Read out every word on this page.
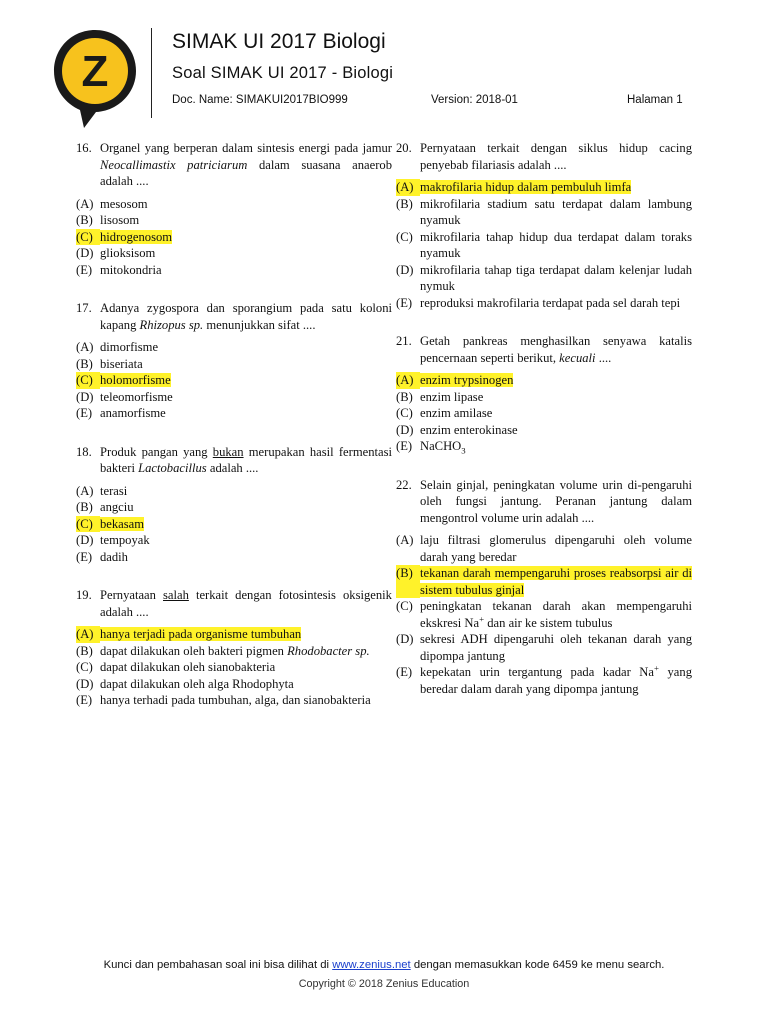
Z
SIMAK UI 2017 Biologi
Soal SIMAK UI 2017 - Biologi
Doc. Name: SIMAKUI2017BIO999	Version: 2018-01	Halaman 1
16. Organel yang berperan dalam sintesis energi pada jamur Neocallimastix patriciarum dalam suasana anaerob adalah ....
(A) mesosom
(B) lisosom
(C) hidrogenosom
(D) glioksisom
(E) mitokondria
17. Adanya zygospora dan sporangium pada satu koloni kapang Rhizopus sp. menunjukkan sifat ....
(A) dimorfisme
(B) biseriata
(C) holomorfisme
(D) teleomorfisme
(E) anamorfisme
18. Produk pangan yang bukan merupakan hasil fermentasi bakteri Lactobacillus adalah ....
(A) terasi
(B) angciu
(C) bekasam
(D) tempoyak
(E) dadih
19. Pernyataan salah terkait dengan fotosintesis oksigenik adalah ....
(A) hanya terjadi pada organisme tumbuhan
(B) dapat dilakukan oleh bakteri pigmen Rhodobacter sp.
(C) dapat dilakukan oleh sianobakteria
(D) dapat dilakukan oleh alga Rhodophyta
(E) hanya terhadi pada tumbuhan, alga, dan sianobakteria
20. Pernyataan terkait dengan siklus hidup cacing penyebab filariasis adalah ....
(A) makrofilaria hidup dalam pembuluh limfa
(B) mikrofilaria stadium satu terdapat dalam lambung nyamuk
(C) mikrofilaria tahap hidup dua terdapat dalam toraks nyamuk
(D) mikrofilaria tahap tiga terdapat dalam kelenjar ludah nymuk
(E) reproduksi makrofilaria terdapat pada sel darah tepi
21. Getah pankreas menghasilkan senyawa katalis pencernaan seperti berikut, kecuali ....
(A) enzim trypsinogen
(B) enzim lipase
(C) enzim amilase
(D) enzim enterokinase
(E) NaCHO$_3$
22. Selain ginjal, peningkatan volume urin di-pengaruhi oleh fungsi jantung. Peranan jantung dalam mengontrol volume urin adalah ....
(A) laju filtrasi glomerulus dipengaruhi oleh volume darah yang beredar
(B) tekanan darah mempengaruhi proses reabsorpsi air di sistem tubulus ginjal
(C) peningkatan tekanan darah akan mempengaruhi ekskresi Na+ dan air ke sistem tubulus
(D) sekresi ADH dipengaruhi oleh tekanan darah yang dipompa jantung
(E) kepekatan urin tergantung pada kadar Na+ yang beredar dalam darah yang dipompa jantung
Kunci dan pembahasan soal ini bisa dilihat di www.zenius.net dengan memasukkan kode 6459 ke menu search.
Copyright © 2018 Zenius Education
